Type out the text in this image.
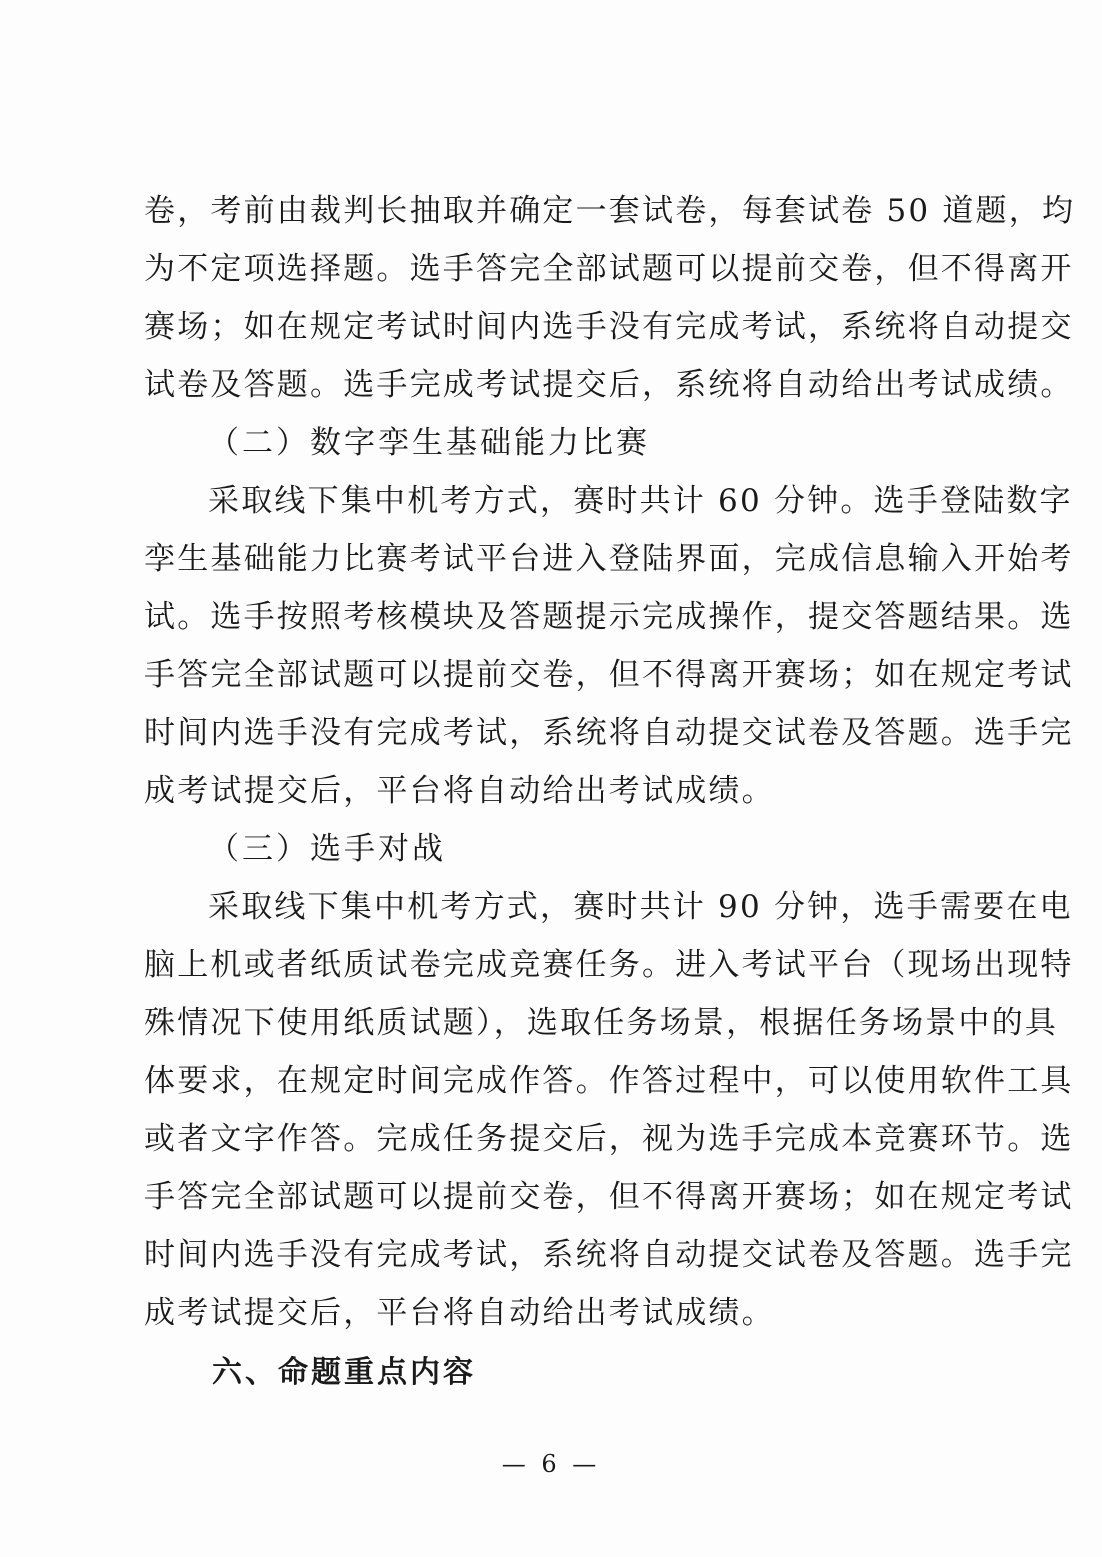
卷，考前由裁判长抽取并确定一套试卷，每套试卷 50 道题，均
为不定项选择题。选手答完全部试题可以提前交卷，但不得离开
赛场；如在规定考试时间内选手没有完成考试，系统将自动提交
试卷及答题。选手完成考试提交后，系统将自动给出考试成绩。
（二）数字孪生基础能力比赛
采取线下集中机考方式，赛时共计 60 分钟。选手登陆数字
孪生基础能力比赛考试平台进入登陆界面，完成信息输入开始考
试。选手按照考核模块及答题提示完成操作，提交答题结果。选
手答完全部试题可以提前交卷，但不得离开赛场；如在规定考试
时间内选手没有完成考试，系统将自动提交试卷及答题。选手完
成考试提交后，平台将自动给出考试成绩。
（三）选手对战
采取线下集中机考方式，赛时共计 90 分钟，选手需要在电
脑上机或者纸质试卷完成竞赛任务。进入考试平台（现场出现特
殊情况下使用纸质试题），选取任务场景，根据任务场景中的具
体要求，在规定时间完成作答。作答过程中，可以使用软件工具
或者文字作答。完成任务提交后，视为选手完成本竞赛环节。选
手答完全部试题可以提前交卷，但不得离开赛场；如在规定考试
时间内选手没有完成考试，系统将自动提交试卷及答题。选手完
成考试提交后，平台将自动给出考试成绩。
六、命题重点内容
— 6 —
